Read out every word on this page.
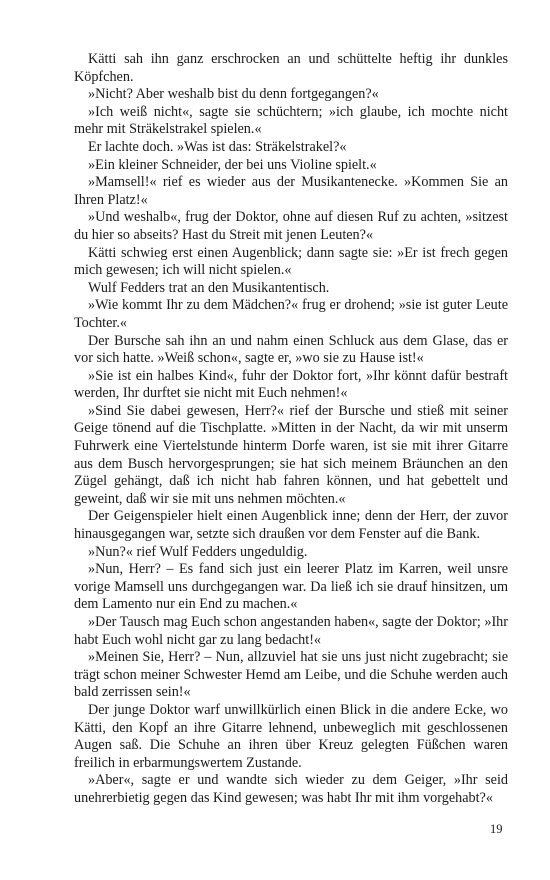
Kätti sah ihn ganz erschrocken an und schüttelte heftig ihr dunkles Köpfchen.

»Nicht? Aber weshalb bist du denn fortgegangen?«

»Ich weiß nicht«, sagte sie schüchtern; »ich glaube, ich mochte nicht mehr mit Sträkelstrakel spielen.«

Er lachte doch. »Was ist das: Sträkelstrakel?«

»Ein kleiner Schneider, der bei uns Violine spielt.«

»Mamsell!« rief es wieder aus der Musikantenecke. »Kommen Sie an Ihren Platz!«

»Und weshalb«, frug der Doktor, ohne auf diesen Ruf zu achten, »sitzest du hier so abseits? Hast du Streit mit jenen Leuten?«

Kätti schwieg erst einen Augenblick; dann sagte sie: »Er ist frech gegen mich gewesen; ich will nicht spielen.«

Wulf Fedders trat an den Musikantentisch.

»Wie kommt Ihr zu dem Mädchen?« frug er drohend; »sie ist guter Leute Tochter.«

Der Bursche sah ihn an und nahm einen Schluck aus dem Glase, das er vor sich hatte. »Weiß schon«, sagte er, »wo sie zu Hause ist!«

»Sie ist ein halbes Kind«, fuhr der Doktor fort, »Ihr könnt dafür bestraft werden, Ihr durftet sie nicht mit Euch nehmen!«

»Sind Sie dabei gewesen, Herr?« rief der Bursche und stieß mit seiner Geige tönend auf die Tischplatte. »Mitten in der Nacht, da wir mit unserm Fuhrwerk eine Viertelstunde hinterm Dorfe waren, ist sie mit ihrer Gitarre aus dem Busch hervorgesprungen; sie hat sich meinem Bräunchen an den Zügel gehängt, daß ich nicht hab fahren können, und hat gebettelt und geweint, daß wir sie mit uns nehmen möchten.«

Der Geigenspieler hielt einen Augenblick inne; denn der Herr, der zuvor hinausgegangen war, setzte sich draußen vor dem Fenster auf die Bank.

»Nun?« rief Wulf Fedders ungeduldig.

»Nun, Herr? – Es fand sich just ein leerer Platz im Karren, weil unsre vorige Mamsell uns durchgegangen war. Da ließ ich sie drauf hinsitzen, um dem Lamento nur ein End zu machen.«

»Der Tausch mag Euch schon angestanden haben«, sagte der Doktor; »Ihr habt Euch wohl nicht gar zu lang bedacht!«

»Meinen Sie, Herr? – Nun, allzuviel hat sie uns just nicht zugebracht; sie trägt schon meiner Schwester Hemd am Leibe, und die Schuhe werden auch bald zerrissen sein!«

Der junge Doktor warf unwillkürlich einen Blick in die andere Ecke, wo Kätti, den Kopf an ihre Gitarre lehnend, unbeweglich mit geschlossenen Augen saß. Die Schuhe an ihren über Kreuz gelegten Füßchen waren freilich in erbarmungswertem Zustande.

»Aber«, sagte er und wandte sich wieder zu dem Geiger, »Ihr seid unehrerbietig gegen das Kind gewesen; was habt Ihr mit ihm vorgehabt?«

19
